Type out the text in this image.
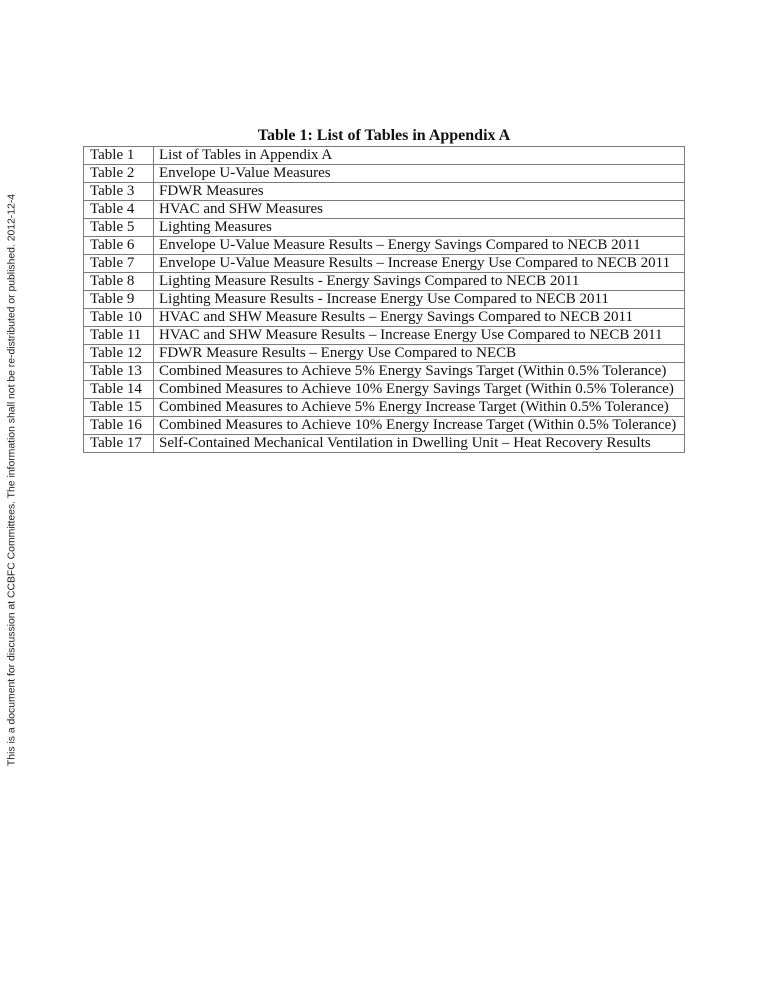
This is a document for discussion at CCBFC Committees. The information shall not be re-distributed or published. 2012-12-4
Table 1: List of Tables in Appendix A
Table 1	List of Tables in Appendix A
Table 2	Envelope U-Value Measures
Table 3	FDWR Measures
Table 4	HVAC and SHW Measures
Table 5	Lighting Measures
Table 6	Envelope U-Value Measure Results – Energy Savings Compared to NECB 2011
Table 7	Envelope U-Value Measure Results – Increase Energy Use Compared to NECB 2011
Table 8	Lighting Measure Results - Energy Savings Compared to NECB 2011
Table 9	Lighting Measure Results - Increase Energy Use Compared to NECB 2011
Table 10	HVAC and SHW Measure Results – Energy Savings Compared to NECB 2011
Table 11	HVAC and SHW Measure Results – Increase Energy Use Compared to NECB 2011
Table 12	FDWR Measure Results – Energy Use Compared to NECB
Table 13	Combined Measures to Achieve 5% Energy Savings Target (Within 0.5% Tolerance)
Table 14	Combined Measures to Achieve 10% Energy Savings Target (Within 0.5% Tolerance)
Table 15	Combined Measures to Achieve 5% Energy Increase Target (Within 0.5% Tolerance)
Table 16	Combined Measures to Achieve 10% Energy Increase Target (Within 0.5% Tolerance)
Table 17	Self-Contained Mechanical Ventilation in Dwelling Unit – Heat Recovery Results
